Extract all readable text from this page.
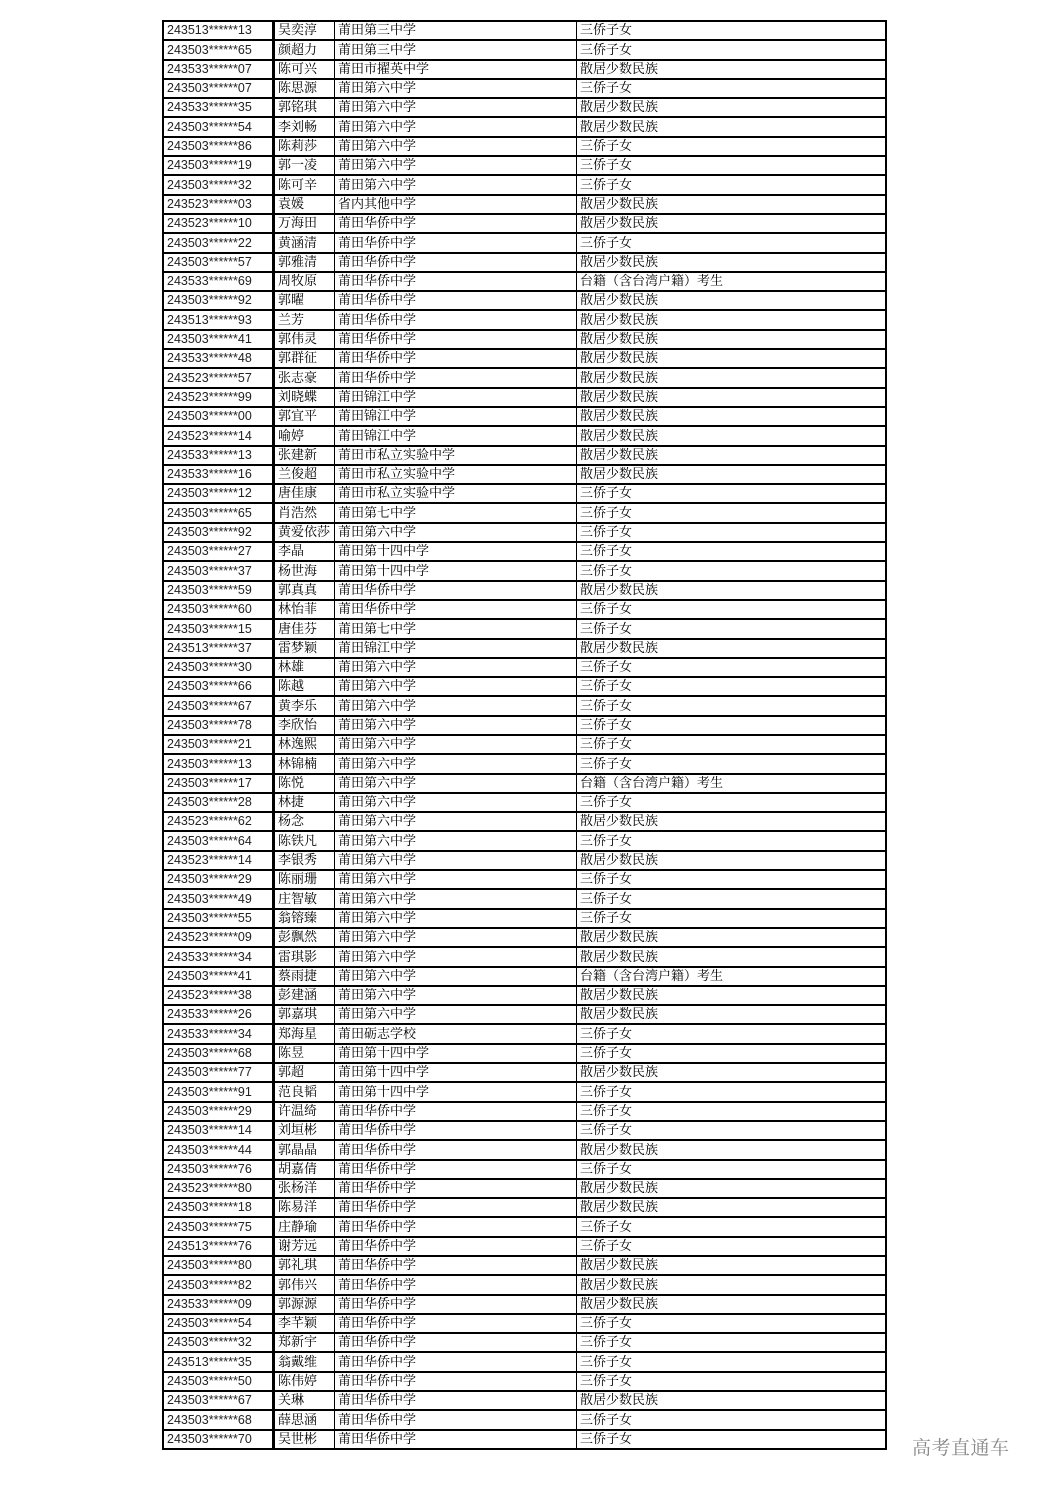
243513******13	吴奕淳	莆田第三中学	三侨子女
243503******65	颜超力	莆田第三中学	三侨子女
243533******07	陈可兴	莆田市擢英中学	散居少数民族
243503******07	陈思源	莆田第六中学	三侨子女
243533******35	郭铭琪	莆田第六中学	散居少数民族
243503******54	李刘畅	莆田第六中学	散居少数民族
243503******86	陈莉莎	莆田第六中学	三侨子女
243503******19	郭一凌	莆田第六中学	三侨子女
243503******32	陈可辛	莆田第六中学	三侨子女
243523******03	袁媛	省内其他中学	散居少数民族
243523******10	万海田	莆田华侨中学	散居少数民族
243503******22	黄涵清	莆田华侨中学	三侨子女
243503******57	郭雅清	莆田华侨中学	散居少数民族
243533******69	周牧原	莆田华侨中学	台籍（含台湾户籍）考生
243503******92	郭曜	莆田华侨中学	散居少数民族
243513******93	兰芳	莆田华侨中学	散居少数民族
243503******41	郭伟灵	莆田华侨中学	散居少数民族
243533******48	郭群征	莆田华侨中学	散居少数民族
243523******57	张志豪	莆田华侨中学	散居少数民族
243523******99	刘晓蝶	莆田锦江中学	散居少数民族
243503******00	郭宜平	莆田锦江中学	散居少数民族
243523******14	喻婷	莆田锦江中学	散居少数民族
243533******13	张建新	莆田市私立实验中学	散居少数民族
243533******16	兰俊超	莆田市私立实验中学	散居少数民族
243503******12	唐佳康	莆田市私立实验中学	三侨子女
243503******65	肖浩然	莆田第七中学	三侨子女
243503******92	黄爱依莎	莆田第六中学	三侨子女
243503******27	李晶	莆田第十四中学	三侨子女
243503******37	杨世海	莆田第十四中学	三侨子女
243503******59	郭真真	莆田华侨中学	散居少数民族
243503******60	林怡菲	莆田华侨中学	三侨子女
243503******15	唐佳芬	莆田第七中学	三侨子女
243513******37	雷梦颖	莆田锦江中学	散居少数民族
243503******30	林雄	莆田第六中学	三侨子女
243503******66	陈越	莆田第六中学	三侨子女
243503******67	黄李乐	莆田第六中学	三侨子女
243503******78	李欣怡	莆田第六中学	三侨子女
243503******21	林逸熙	莆田第六中学	三侨子女
243503******13	林锦楠	莆田第六中学	三侨子女
243503******17	陈悦	莆田第六中学	台籍（含台湾户籍）考生
243503******28	林捷	莆田第六中学	三侨子女
243523******62	杨念	莆田第六中学	散居少数民族
243503******64	陈铁凡	莆田第六中学	三侨子女
243523******14	李银秀	莆田第六中学	散居少数民族
243503******29	陈丽珊	莆田第六中学	三侨子女
243503******49	庄智敏	莆田第六中学	三侨子女
243503******55	翁镕臻	莆田第六中学	三侨子女
243523******09	彭飘然	莆田第六中学	散居少数民族
243533******34	雷琪影	莆田第六中学	散居少数民族
243503******41	蔡雨捷	莆田第六中学	台籍（含台湾户籍）考生
243523******38	彭建涵	莆田第六中学	散居少数民族
243533******26	郭嘉琪	莆田第六中学	散居少数民族
243533******34	郑海星	莆田砺志学校	三侨子女
243503******68	陈昱	莆田第十四中学	三侨子女
243503******77	郭超	莆田第十四中学	散居少数民族
243503******91	范良韬	莆田第十四中学	三侨子女
243503******29	许温绮	莆田华侨中学	三侨子女
243503******14	刘垣彬	莆田华侨中学	三侨子女
243503******44	郭晶晶	莆田华侨中学	散居少数民族
243503******76	胡嘉倩	莆田华侨中学	三侨子女
243523******80	张杨洋	莆田华侨中学	散居少数民族
243503******18	陈易洋	莆田华侨中学	散居少数民族
243503******75	庄静瑜	莆田华侨中学	三侨子女
243513******76	谢芳远	莆田华侨中学	三侨子女
243503******80	郭礼琪	莆田华侨中学	散居少数民族
243503******82	郭伟兴	莆田华侨中学	散居少数民族
243533******09	郭源源	莆田华侨中学	散居少数民族
243503******54	李芊颖	莆田华侨中学	三侨子女
243503******32	郑新宇	莆田华侨中学	三侨子女
243513******35	翁戴维	莆田华侨中学	三侨子女
243503******50	陈伟婷	莆田华侨中学	三侨子女
243503******67	关琳	莆田华侨中学	散居少数民族
243503******68	薛思涵	莆田华侨中学	三侨子女
243503******70	吴世彬	莆田华侨中学	三侨子女	高考直通车
